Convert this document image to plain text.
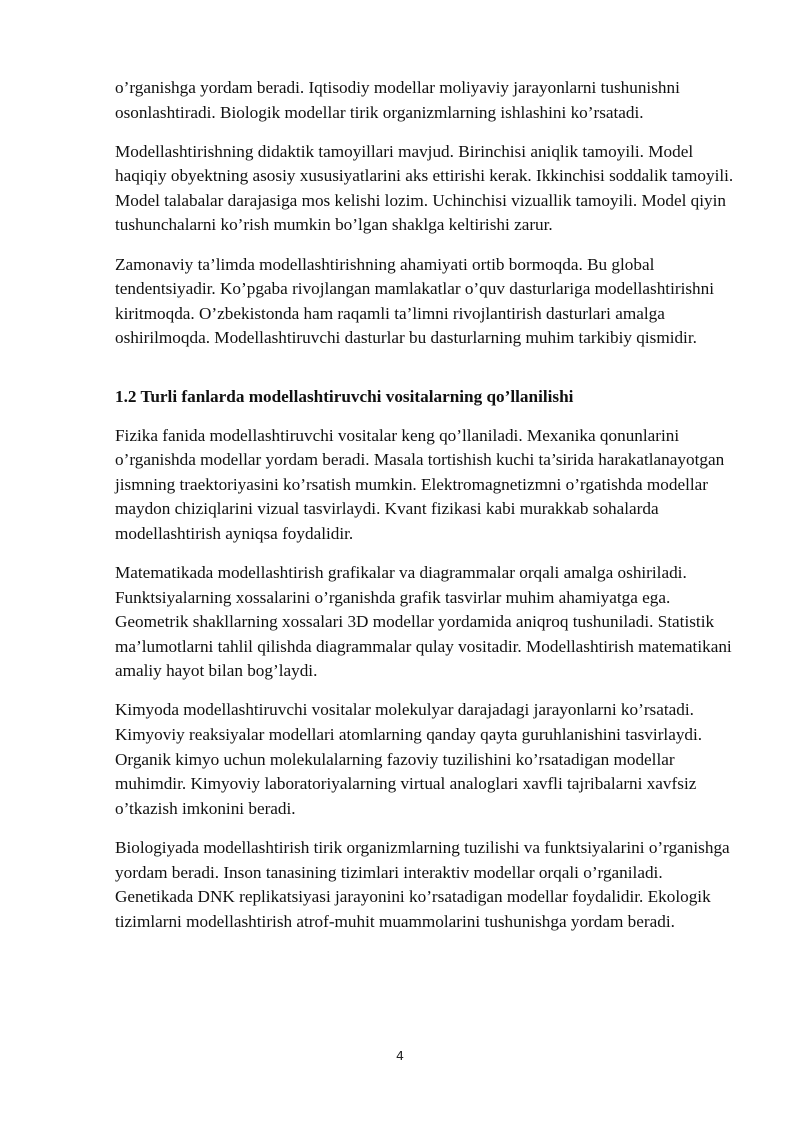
o’rganishga yordam beradi. Iqtisodiy modellar moliyaviy jarayonlarni tushunishni osonlashtiradi. Biologik modellar tirik organizmlarning ishlashini ko’rsatadi.

Modellashtirishning didaktik tamoyillari mavjud. Birinchisi aniqlik tamoyili. Model haqiqiy obyektning asosiy xususiyatlarini aks ettirishi kerak. Ikkinchisi soddalik tamoyili. Model talabalar darajasiga mos kelishi lozim. Uchinchisi vizuallik tamoyili. Model qiyin tushunchalarni ko’rish mumkin bo’lgan shaklga keltirishi zarur.

Zamonaviy ta’limda modellashtirishning ahamiyati ortib bormoqda. Bu global tendentsiyadir. Ko’pgaba rivojlangan mamlakatlar o’quv dasturlariga modellashtirishni kiritmoqda. O’zbekistonda ham raqamli ta’limni rivojlantirish dasturlari amalga oshirilmoqda. Modellashtiruvchi dasturlar bu dasturlarning muhim tarkibiy qismidir.

1.2 Turli fanlarda modellashtiruvchi vositalarning qo’llanilishi

Fizika fanida modellashtiruvchi vositalar keng qo’llaniladi. Mexanika qonunlarini o’rganishda modellar yordam beradi. Masala tortishish kuchi ta’sirida harakatlanayotgan jismning traektoriyasini ko’rsatish mumkin. Elektromagnetizmni o’rgatishda modellar maydon chiziqlarini vizual tasvirlaydi. Kvant fizikasi kabi murakkab sohalarda modellashtirish ayniqsa foydalidir.

Matematikada modellashtirish grafikalar va diagrammalar orqali amalga oshiriladi. Funktsiyalarning xossalarini o’rganishda grafik tasvirlar muhim ahamiyatga ega. Geometrik shakllarning xossalari 3D modellar yordamida aniqroq tushuniladi. Statistik ma’lumotlarni tahlil qilishda diagrammalar qulay vositadir. Modellashtirish matematikani amaliy hayot bilan bog’laydi.

Kimyoda modellashtiruvchi vositalar molekulyar darajadagi jarayonlarni ko’rsatadi. Kimyoviy reaksiyalar modellari atomlarning qanday qayta guruhlanishini tasvirlaydi. Organik kimyo uchun molekulalarning fazoviy tuzilishini ko’rsatadigan modellar muhimdir. Kimyoviy laboratoriyalarning virtual analoglari xavfli tajribalarni xavfsiz o’tkazish imkonini beradi.

Biologiyada modellashtirish tirik organizmlarning tuzilishi va funktsiyalarini o’rganishga yordam beradi. Inson tanasining tizimlari interaktiv modellar orqali o’rganiladi. Genetikada DNK replikatsiyasi jarayonini ko’rsatadigan modellar foydalidir. Ekologik tizimlarni modellashtirish atrof-muhit muammolarini tushunishga yordam beradi.

4
